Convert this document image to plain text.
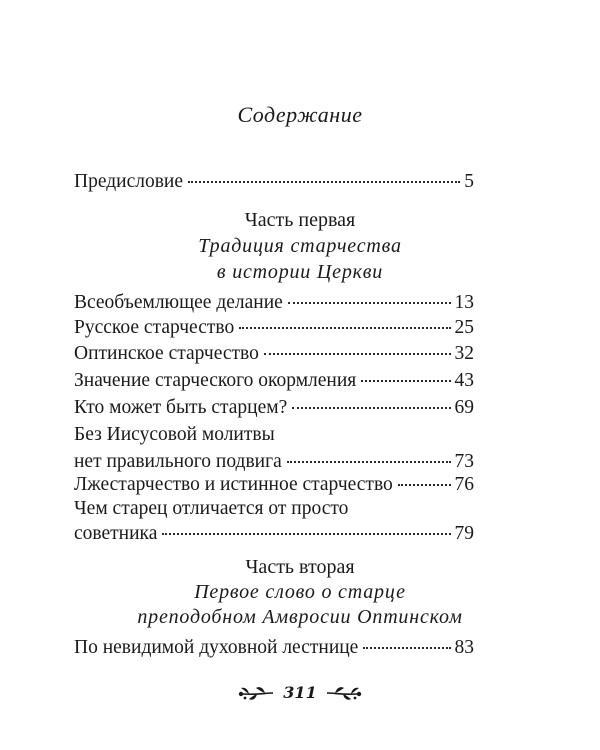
Содержание
Предисловие	5
Часть первая
Традиция старчества
в истории Церкви
Всеобъемлющее делание	13
Русское старчество	25
Оптинское старчество	32
Значение старческого окормления	43
Кто может быть старцем?	69
Без Иисусовой молитвы
нет правильного подвига	73
Лжестарчество и истинное старчество	76
Чем старец отличается от просто
советника	79
Часть вторая
Первое слово о старце
преподобном Амвросии Оптинском
По невидимой духовной лестнице	83
311
